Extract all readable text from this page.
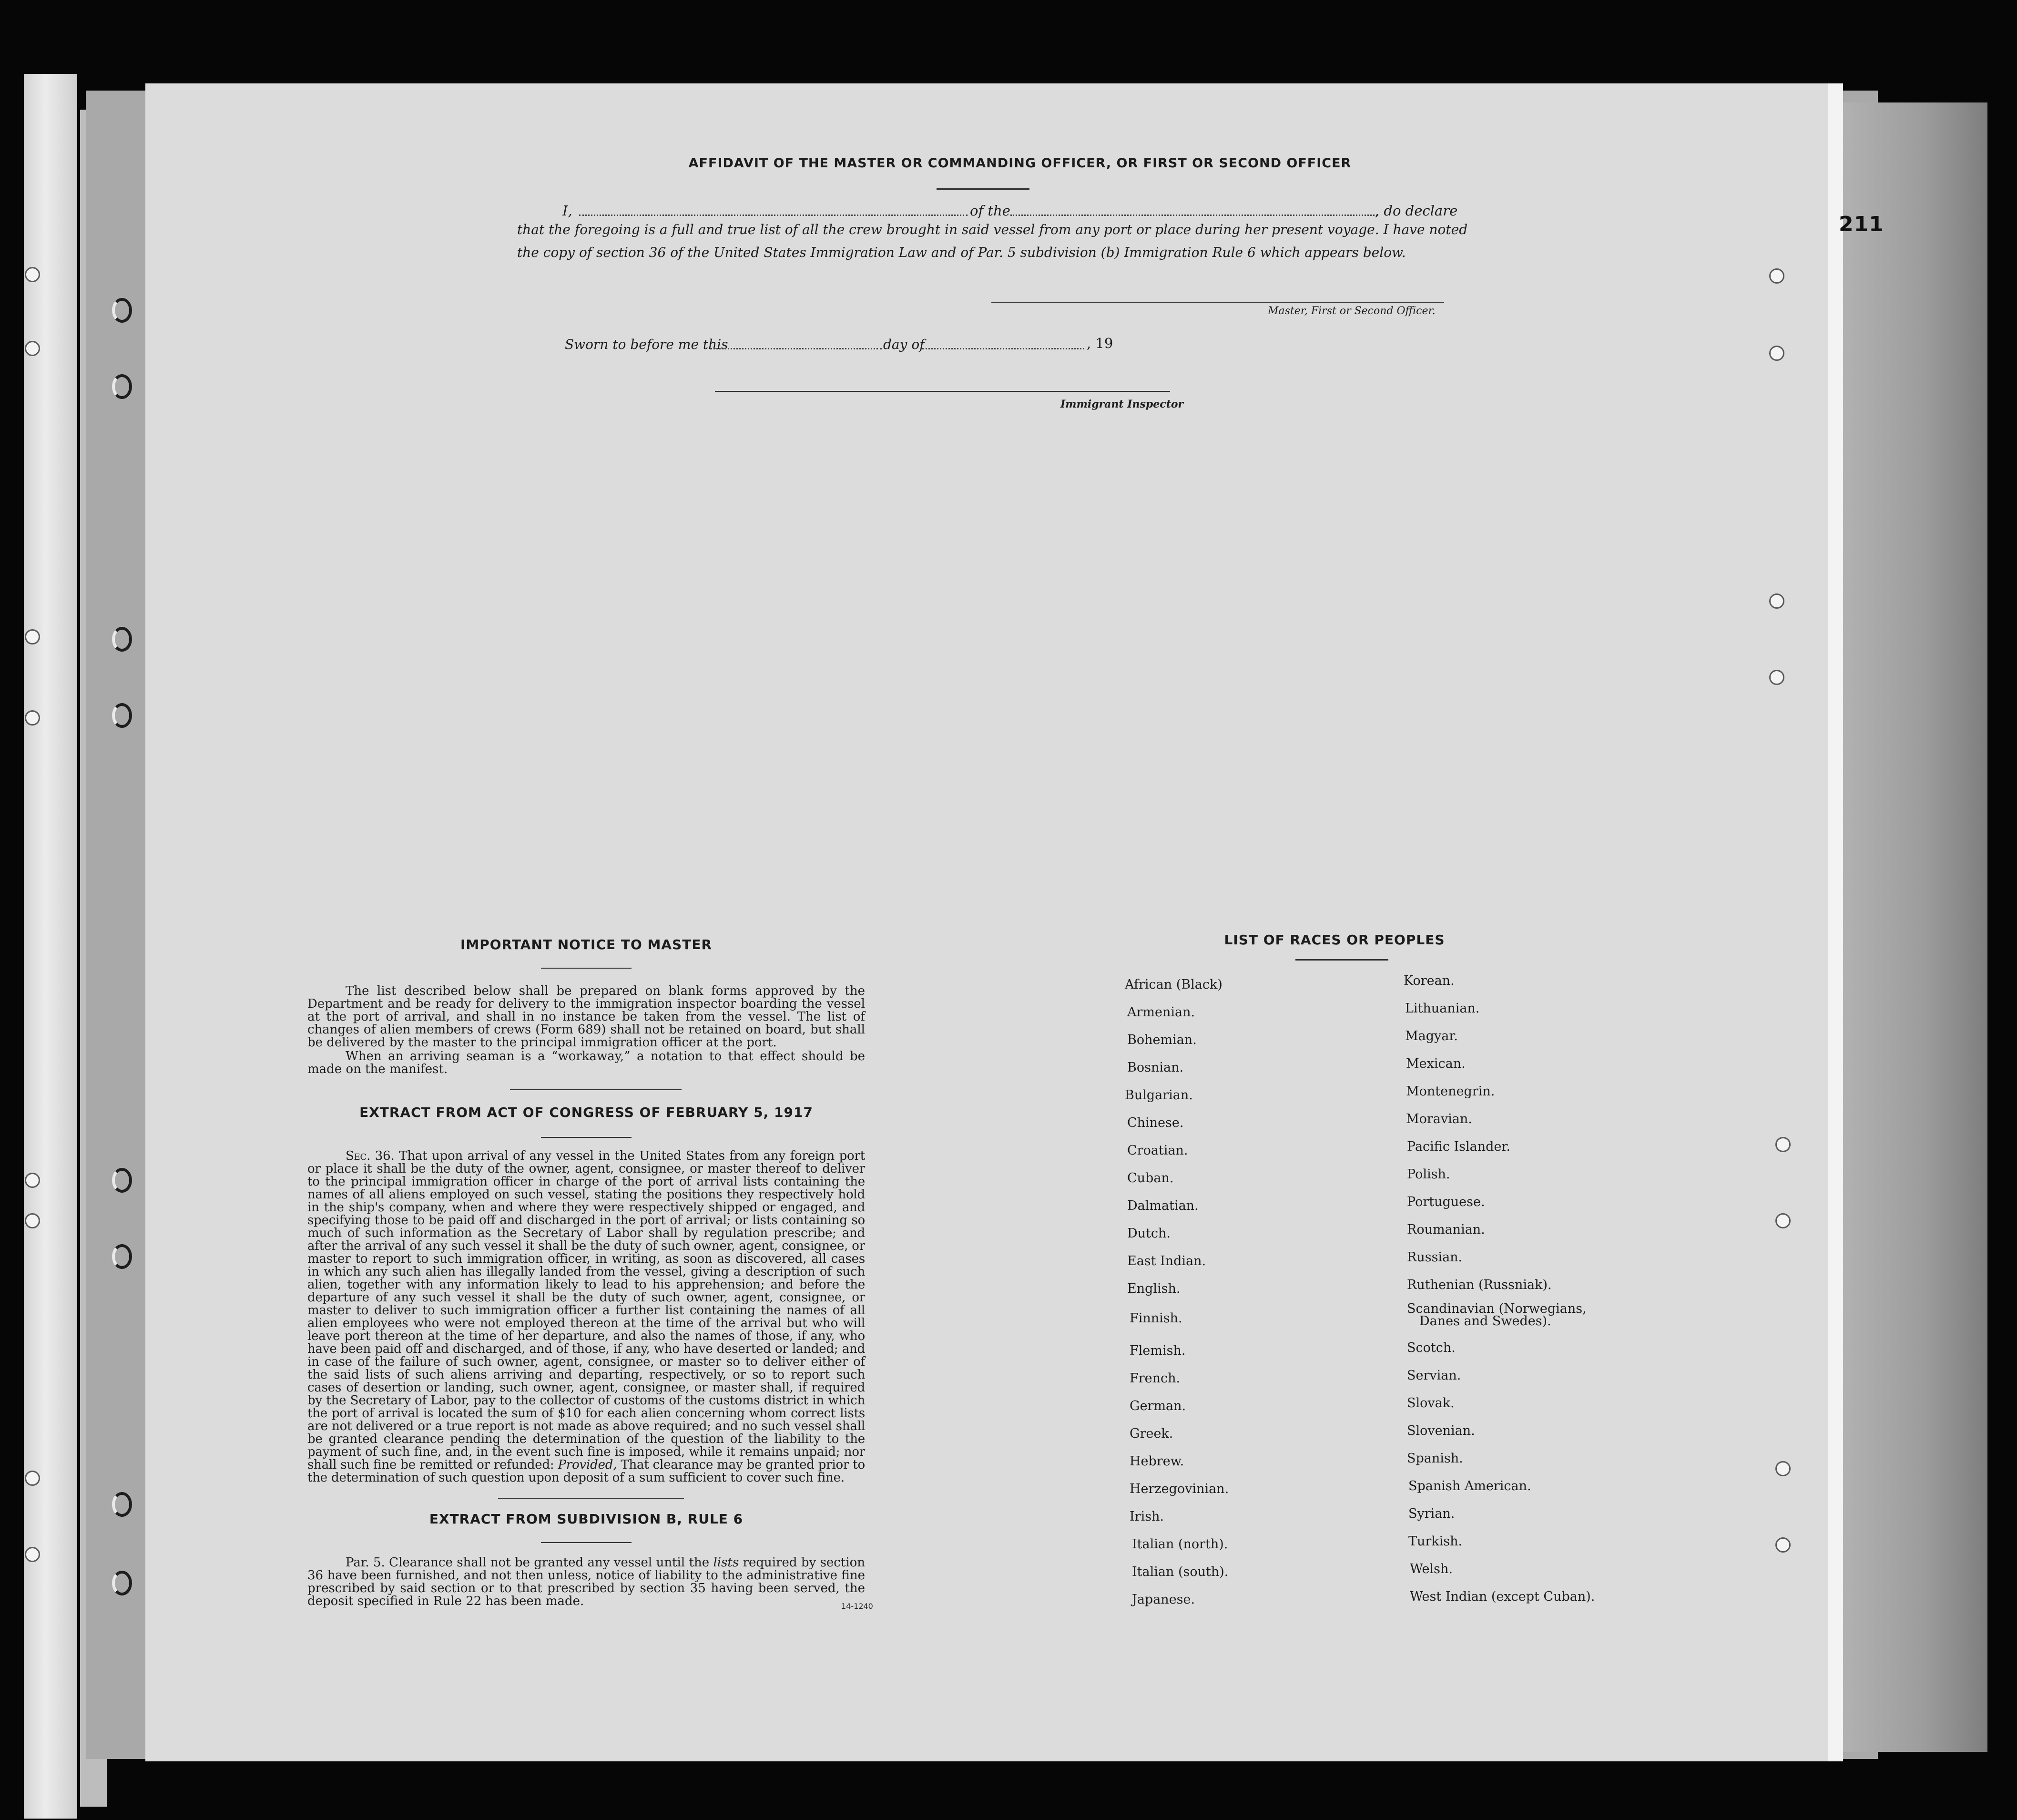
211
AFFIDAVIT OF THE MASTER OR COMMANDING OFFICER, OR FIRST OR SECOND OFFICER
I,	of the	, do declare
that the foregoing is a full and true list of all the crew brought in said vessel from any port or place during her present voyage. I have noted
the copy of section 36 of the United States Immigration Law and of Par. 5 subdivision (b) Immigration Rule 6 which appears below.
Master, First or Second Officer.
Sworn to before me this	day of	, 19
Immigrant Inspector
IMPORTANT NOTICE TO MASTER
The list described below shall be prepared on blank forms approved by the Department and be ready for delivery to the immigration inspector boarding the vessel at the port of arrival, and shall in no instance be taken from the vessel. The list of changes of alien members of crews (Form 689) shall not be retained on board, but shall be delivered by the master to the principal immigration officer at the port.
When an arriving seaman is a “workaway,” a notation to that effect should be made on the manifest.
EXTRACT FROM ACT OF CONGRESS OF FEBRUARY 5, 1917
Sec. 36. That upon arrival of any vessel in the United States from any foreign port or place it shall be the duty of the owner, agent, consignee, or master thereof to deliver to the principal immigration officer in charge of the port of arrival lists containing the names of all aliens employed on such vessel, stating the positions they respectively hold in the ship's company, when and where they were respectively shipped or engaged, and specifying those to be paid off and discharged in the port of arrival; or lists containing so much of such information as the Secretary of Labor shall by regulation prescribe; and after the arrival of any such vessel it shall be the duty of such owner, agent, consignee, or master to report to such immigration officer, in writing, as soon as discovered, all cases in which any such alien has illegally landed from the vessel, giving a description of such alien, together with any information likely to lead to his apprehension; and before the departure of any such vessel it shall be the duty of such owner, agent, consignee, or master to deliver to such immigration officer a further list containing the names of all alien employees who were not employed thereon at the time of the arrival but who will leave port thereon at the time of her departure, and also the names of those, if any, who have been paid off and discharged, and of those, if any, who have deserted or landed; and in case of the failure of such owner, agent, consignee, or master so to deliver either of the said lists of such aliens arriving and departing, respectively, or so to report such cases of desertion or landing, such owner, agent, consignee, or master shall, if required by the Secretary of Labor, pay to the collector of customs of the customs district in which the port of arrival is located the sum of $10 for each alien concerning whom correct lists are not delivered or a true report is not made as above required; and no such vessel shall be granted clearance pending the determination of the question of the liability to the payment of such fine, and, in the event such fine is imposed, while it remains unpaid; nor shall such fine be remitted or refunded: Provided, That clearance may be granted prior to the determination of such question upon deposit of a sum sufficient to cover such fine.
EXTRACT FROM SUBDIVISION B, RULE 6
Par. 5. Clearance shall not be granted any vessel until the lists required by section 36 have been furnished, and not then unless, notice of liability to the administrative fine prescribed by said section or to that prescribed by section 35 having been served, the deposit specified in Rule 22 has been made.	14-1240
LIST OF RACES OR PEOPLES
African (Black)
Armenian.
Bohemian.
Bosnian.
Bulgarian.
Chinese.
Croatian.
Cuban.
Dalmatian.
Dutch.
East Indian.
English.
Finnish.
Flemish.
French.
German.
Greek.
Hebrew.
Herzegovinian.
Irish.
Italian (north).
Italian (south).
Japanese.
Korean.
Lithuanian.
Magyar.
Mexican.
Montenegrin.
Moravian.
Pacific Islander.
Polish.
Portuguese.
Roumanian.
Russian.
Ruthenian (Russniak).
Scandinavian (Norwegians,
Danes and Swedes).
Scotch.
Servian.
Slovak.
Slovenian.
Spanish.
Spanish American.
Syrian.
Turkish.
Welsh.
West Indian (except Cuban).
